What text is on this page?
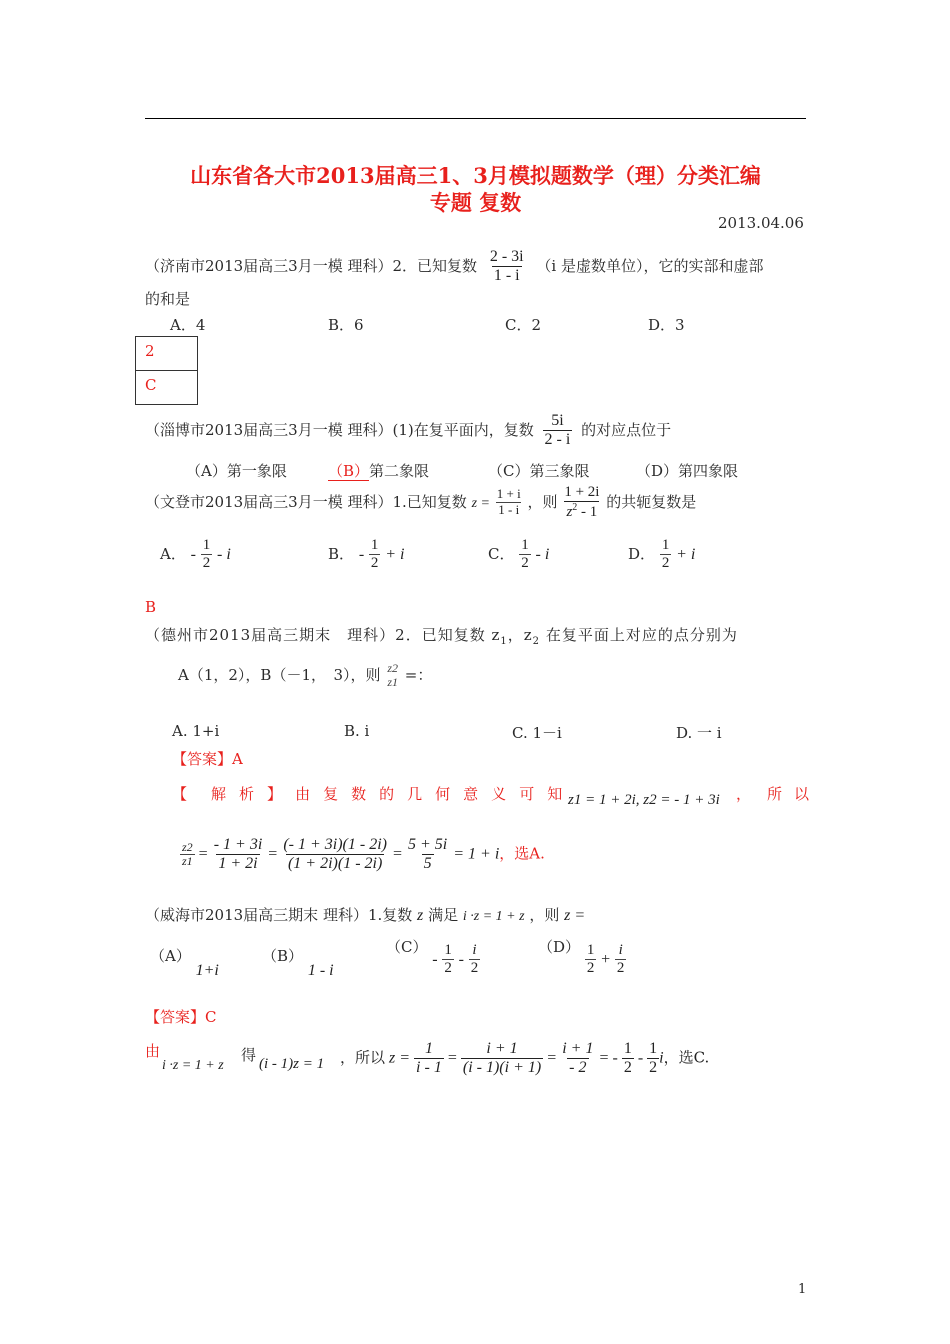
山东省各大市2013届高三1、3月模拟题数学（理）分类汇编
专题 复数
2013.04.06
（济南市2013届高三3月一模 理科）2．已知复数 $\frac{2 - 3i}{1 - i} (i$ 是虚数单位），它的实部和虚部
的和是
A．4	B．6	C．2	D．3
2
C
（淄博市2013届高三3月一模 理科）(1)在复平面内，复数 $\frac{5i}{2 - i}$ 的对应点位于
（A）第一象限	（B）第二象限	（C）第三象限	（D）第四象限
（文登市2013届高三3月一模 理科）1.已知复数 $z = \frac{1 + i}{1 - i}$ ，则 $\frac{1 + 2i}{z^2 - 1}$ 的共轭复数是
A． - $\frac{1}{2}$ - i	B． - $\frac{1}{2} + i$	C． $\frac{1}{2}$ - i	D． $\frac{1}{2} + i$
B
（德州市2013届高三期末　理科）2．已知复数 $z_1$，$z_2$ 在复平面上对应的点分别为
A（1，2），B（－1，　3），则 z2
z1 =：
A. 1+i	B. i	C. 1－i	D. 一 i
【答案】A
【 解 析 】 由 复 数 的 几 何 意 义 可 知 z1 = 1 + 2i, z2 = - 1 + 3i ， 所 以
$\frac{z2}{z1} = \frac{- 1 + 3i}{1 + 2i} = \frac{(- 1 + 3i)(1 - 2i)}{(1 + 2i)(1 - 2i)} = \frac{5 + 5i}{5} = 1 + i$，选A.
（威海市2013届高三期末 理科）1.复数 z 满足 i ·z = 1 + z ，则 z =
（A） 1+i
（B） 1 - i
$(C) - \frac{1}{2} - \frac{i}{2}$	$(D) \frac{1}{2} + \frac{i}{2}$
【答案】C
由
i ·z = 1 + z
得 (i - 1)z = 1 ，所以 $z = \frac{1}{i - 1} = \frac{i + 1}{(i - 1)(i + 1)} = \frac{i + 1}{- 2}$ = - $\frac{1}{2} - \frac{1}{2}$ i，选C.
1
